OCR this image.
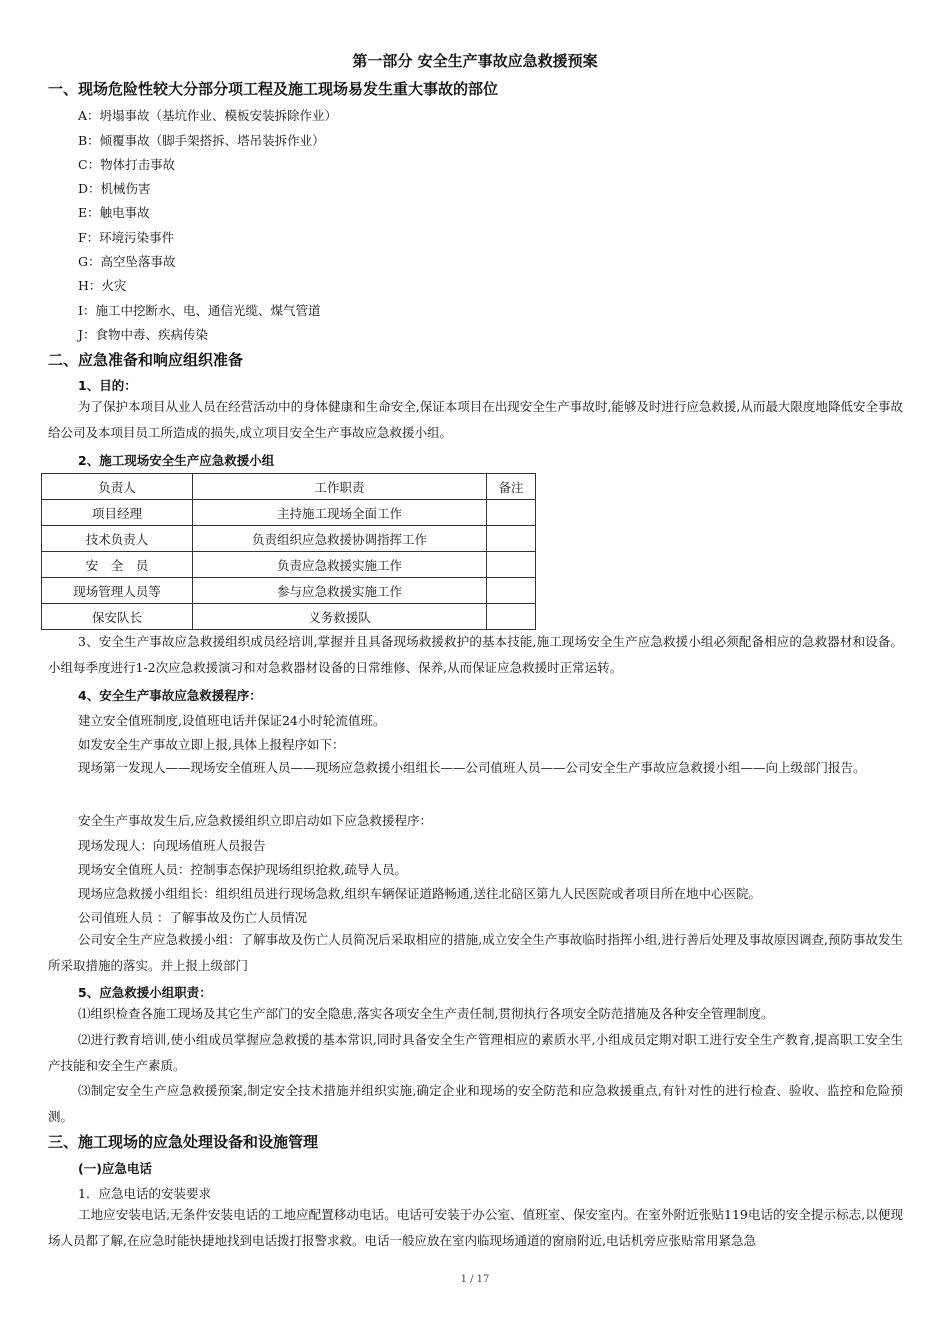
第一部分 安全生产事故应急救援预案
一、现场危险性较大分部分项工程及施工现场易发生重大事故的部位
A：坍塌事故（基坑作业、模板安装拆除作业）
B：倾覆事故（脚手架搭拆、塔吊装拆作业）
C：物体打击事故
D：机械伤害
E：触电事故
F：环境污染事件
G：高空坠落事故
H：火灾
I：施工中挖断水、电、通信光缆、煤气管道
J：食物中毒、疾病传染
二、应急准备和响应组织准备
1、目的：
为了保护本项目从业人员在经营活动中的身体健康和生命安全,保证本项目在出现安全生产事故时,能够及时进行应急救援,从而最大限度地降低安全事故给公司及本项目员工所造成的损失,成立项目安全生产事故应急救援小组。
2、施工现场安全生产应急救援小组
负责人	工作职责	备注
项目经理	主持施工现场全面工作	
技术负责人	负责组织应急救援协调指挥工作	
安　全　员	负责应急救援实施工作	
现场管理人员等	参与应急救援实施工作	
保安队长	义务救援队	
3、安全生产事故应急救援组织成员经培训,掌握并且具备现场救援救护的基本技能,施工现场安全生产应急救援小组必须配备相应的急救器材和设备。小组每季度进行1-2次应急救援演习和对急救器材设备的日常维修、保养,从而保证应急救援时正常运转。
4、安全生产事故应急救援程序：
建立安全值班制度,设值班电话并保证24小时轮流值班。
如发安全生产事故立即上报,具体上报程序如下：
现场第一发现人——现场安全值班人员——现场应急救援小组组长——公司值班人员——公司安全生产事故应急救援小组——向上级部门报告。
安全生产事故发生后,应急救援组织立即启动如下应急救援程序：
现场发现人：向现场值班人员报告
现场安全值班人员：控制事态保护现场组织抢救,疏导人员。
现场应急救援小组组长：组织组员进行现场急救,组织车辆保证道路畅通,送往北碚区第九人民医院或者项目所在地中心医院。
公司值班人员 ：了解事故及伤亡人员情况
公司安全生产应急救援小组：了解事故及伤亡人员简况后采取相应的措施,成立安全生产事故临时指挥小组,进行善后处理及事故原因调查,预防事故发生所采取措施的落实。并上报上级部门
5、应急救援小组职责：
⑴组织检查各施工现场及其它生产部门的安全隐患,落实各项安全生产责任制,贯彻执行各项安全防范措施及各种安全管理制度。
⑵进行教育培训,使小组成员掌握应急救援的基本常识,同时具备安全生产管理相应的素质水平,小组成员定期对职工进行安全生产教育,提高职工安全生产技能和安全生产素质。
⑶制定安全生产应急救援预案,制定安全技术措施并组织实施,确定企业和现场的安全防范和应急救援重点,有针对性的进行检查、验收、监控和危险预测。
三、施工现场的应急处理设备和设施管理
(一)应急电话
1．应急电话的安装要求
工地应安装电话,无条件安装电话的工地应配置移动电话。电话可安装于办公室、值班室、保安室内。在室外附近张贴119电话的安全提示标志,以便现场人员都了解,在应急时能快捷地找到电话拨打报警求救。电话一般应放在室内临现场通道的窗扇附近,电话机旁应张贴常用紧急急
1 / 17
